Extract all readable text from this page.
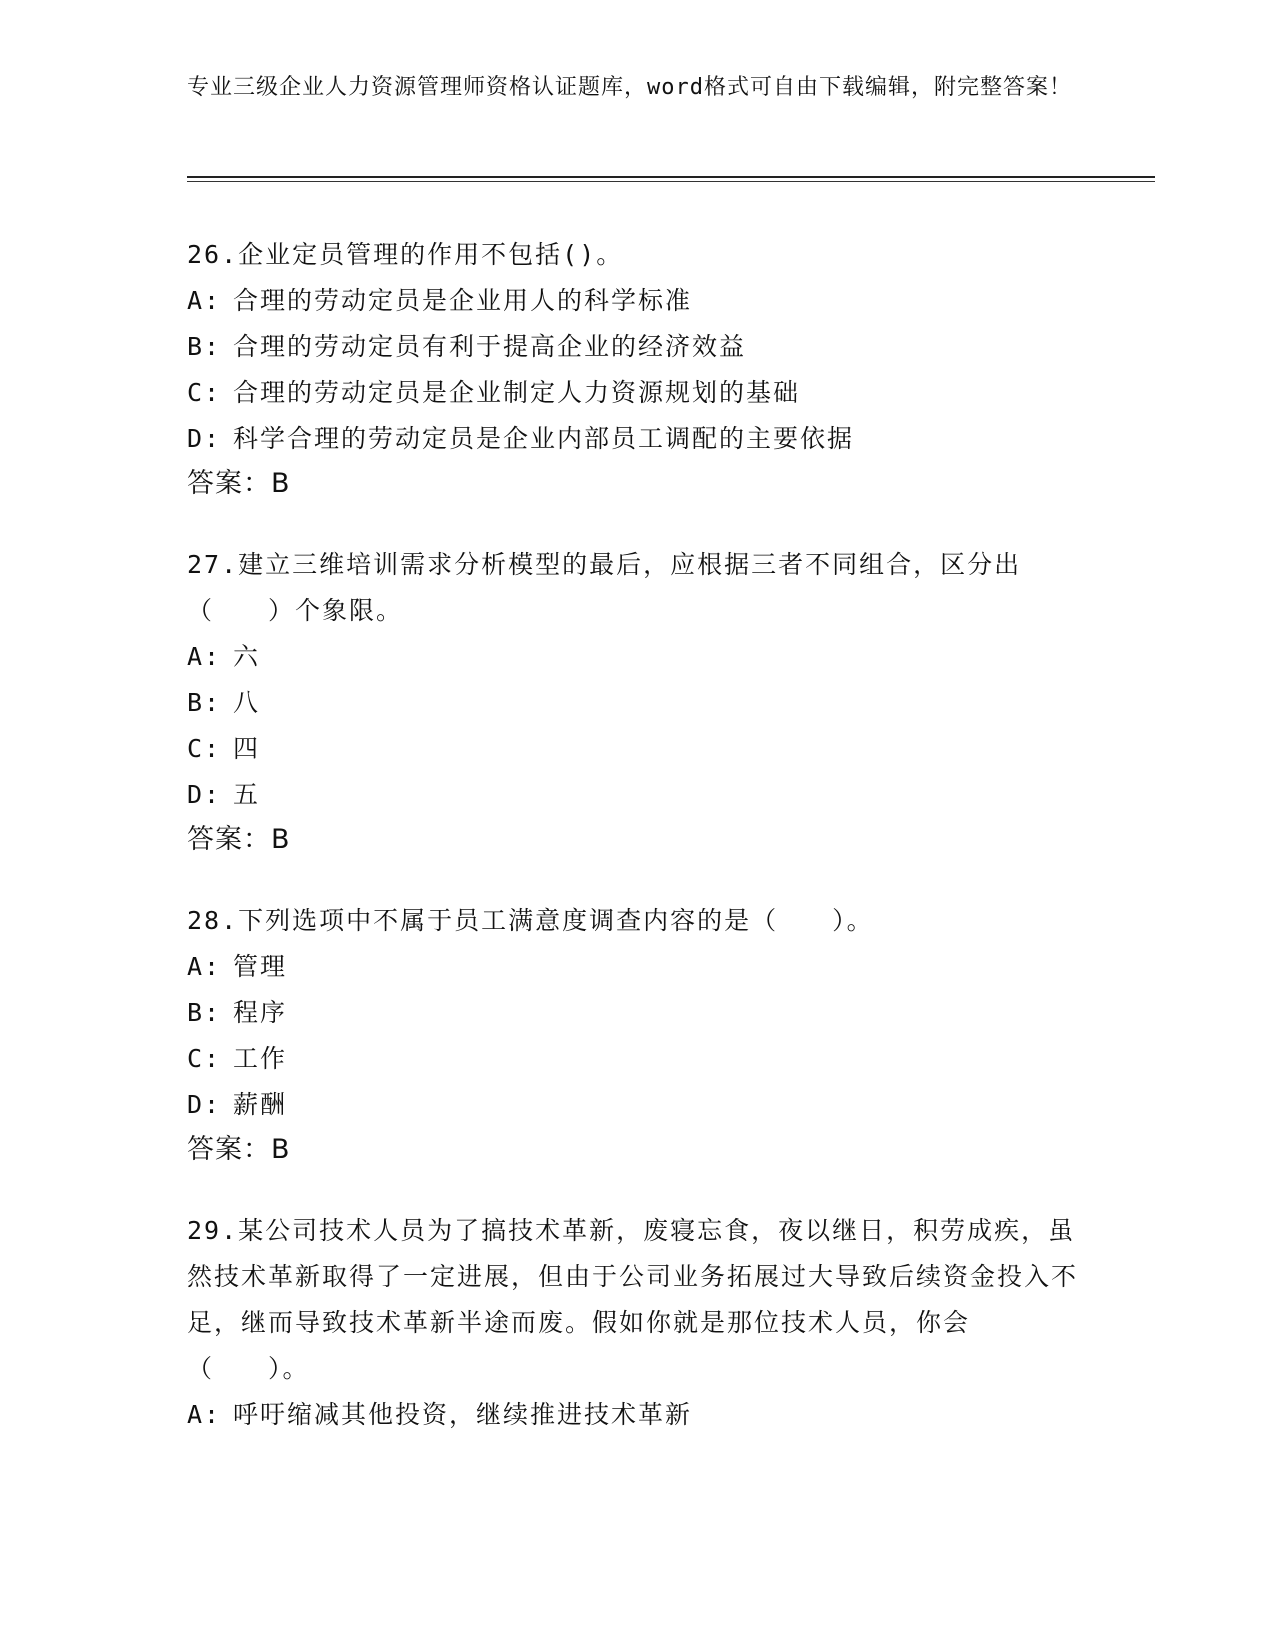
专业三级企业人力资源管理师资格认证题库，word格式可自由下载编辑，附完整答案！

26.企业定员管理的作用不包括()。

A: 合理的劳动定员是企业用人的科学标准

B: 合理的劳动定员有利于提高企业的经济效益

C: 合理的劳动定员是企业制定人力资源规划的基础

D: 科学合理的劳动定员是企业内部员工调配的主要依据

答案：B

27.建立三维培训需求分析模型的最后，应根据三者不同组合，区分出（　　）个象限。

A: 六

B: 八

C: 四

D: 五

答案：B

28.下列选项中不属于员工满意度调查内容的是（　　）。

A: 管理

B: 程序

C: 工作

D: 薪酬

答案：B

29.某公司技术人员为了搞技术革新，废寝忘食，夜以继日，积劳成疾，虽然技术革新取得了一定进展，但由于公司业务拓展过大导致后续资金投入不足，继而导致技术革新半途而废。假如你就是那位技术人员，你会（　　）。

A: 呼吁缩减其他投资，继续推进技术革新
